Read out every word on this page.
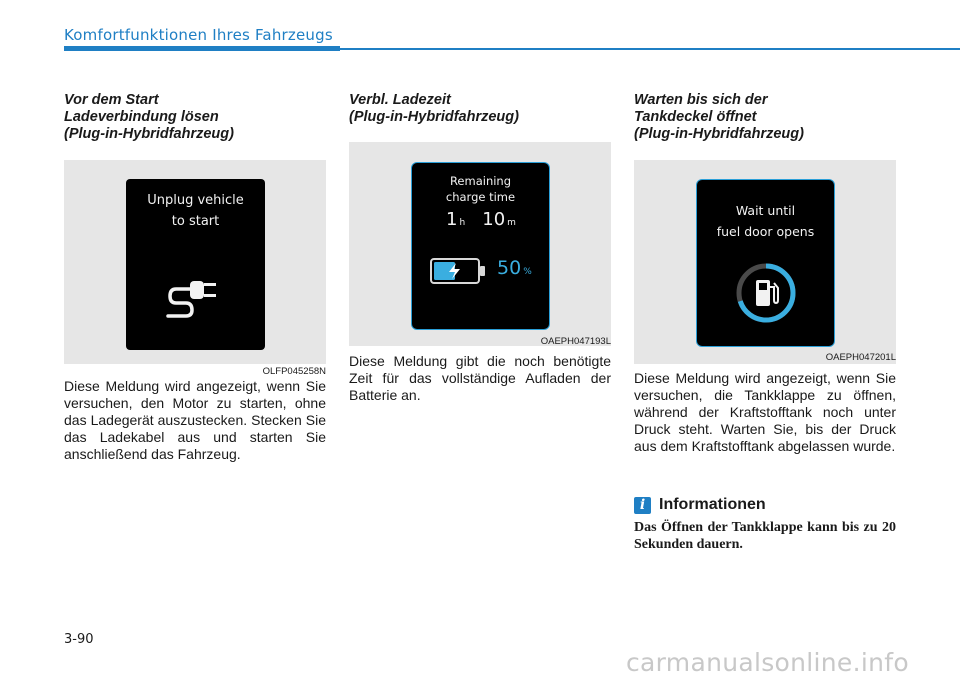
Komfortfunktionen Ihres Fahrzeugs
Vor dem Start
Ladeverbindung lösen
(Plug-in-Hybridfahrzeug)
Unplug vehicle
to start
OLFP045258N

Diese Meldung wird angezeigt, wenn Sie versuchen, den Motor zu starten, ohne das Ladegerät auszustecken. Stecken Sie das Ladekabel aus und starten Sie anschließend das Fahrzeug.

Verbl. Ladezeit
(Plug-in-Hybridfahrzeug)
Remaining
charge time
1 h 10 m
50 %
OAEPH047193L

Diese Meldung gibt die noch benötigte Zeit für das vollständige Aufladen der Batterie an.

Warten bis sich der
Tankdeckel öffnet
(Plug-in-Hybridfahrzeug)
Wait until
fuel door opens
OAEPH047201L

Diese Meldung wird angezeigt, wenn Sie versuchen, die Tankklappe zu öffnen, während der Kraftstofftank noch unter Druck steht. Warten Sie, bis der Druck aus dem Kraftstofftank abgelassen wurde.

i Informationen

Das Öffnen der Tankklappe kann bis zu 20 Sekunden dauern.

3-90
carmanualsonline.info
